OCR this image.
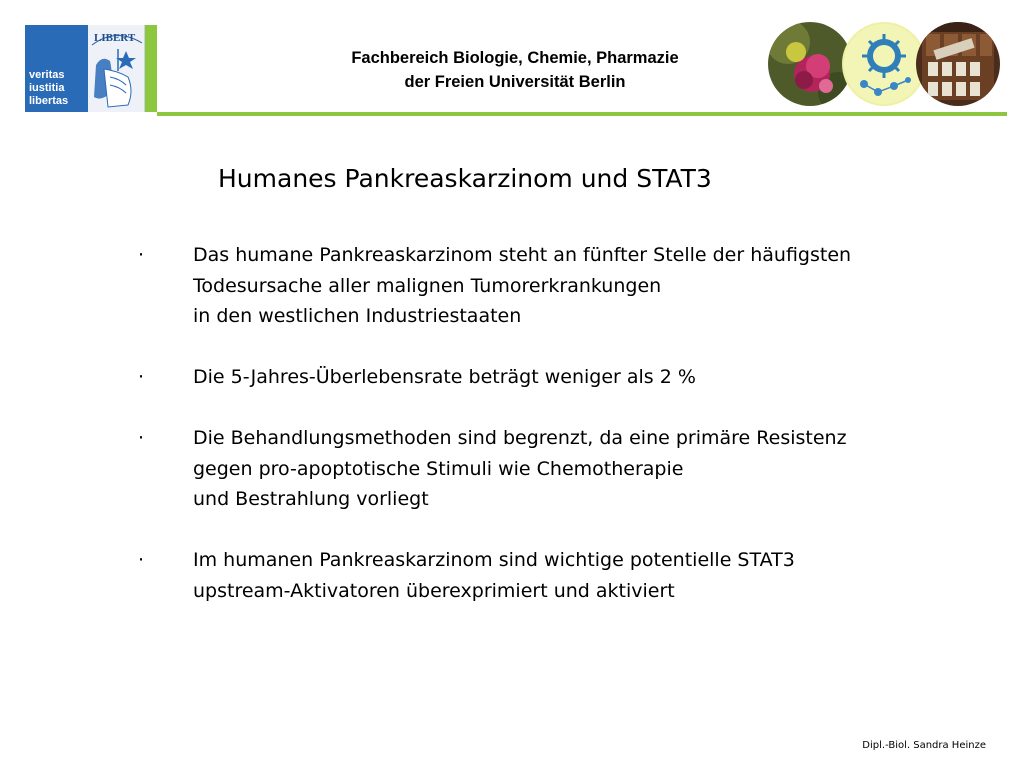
veritas
iustitia
libertas
LIBERT
Fachbereich Biologie, Chemie, Pharmazie
der Freien Universität Berlin
Humanes Pankreaskarzinom und STAT3
·	Das humane Pankreaskarzinom steht an fünfter Stelle der häufigsten
Todesursache aller malignen Tumorerkrankungen
in den westlichen Industriestaaten
·	Die 5-Jahres-Überlebensrate beträgt weniger als 2 %
·	Die Behandlungsmethoden sind begrenzt, da eine primäre Resistenz
gegen pro-apoptotische Stimuli wie Chemotherapie
und Bestrahlung vorliegt
·	Im humanen Pankreaskarzinom sind wichtige potentielle STAT3
upstream-Aktivatoren überexprimiert und aktiviert
Dipl.-Biol. Sandra Heinze
